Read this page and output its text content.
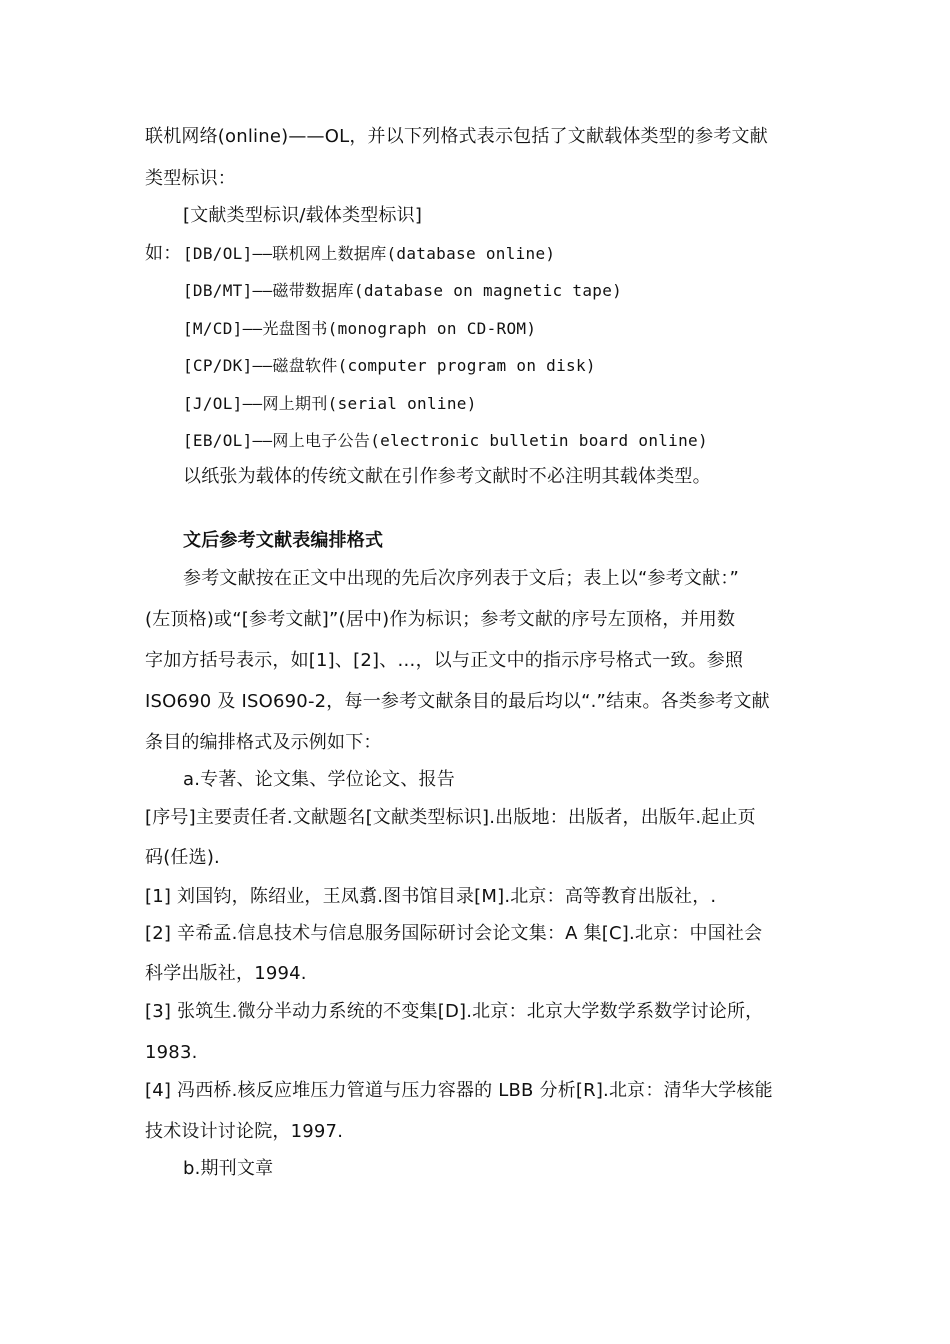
联机网络(online)——OL，并以下列格式表示包括了文献载体类型的参考文献
类型标识：
[文献类型标识/载体类型标识]
如： [DB/OL]——联机网上数据库(database online)
[DB/MT]——磁带数据库(database on magnetic tape)
[M/CD]——光盘图书(monograph on CD-ROM)
[CP/DK]——磁盘软件(computer program on disk)
[J/OL]——网上期刊(serial online)
[EB/OL]——网上电子公告(electronic bulletin board online)
以纸张为载体的传统文献在引作参考文献时不必注明其载体类型。
文后参考文献表编排格式
参考文献按在正文中出现的先后次序列表于文后；表上以“参考文献：”
(左顶格)或“[参考文献]”(居中)作为标识；参考文献的序号左顶格，并用数
字加方括号表示，如[1]、[2]、…，以与正文中的指示序号格式一致。参照
ISO690 及 ISO690-2，每一参考文献条目的最后均以“.”结束。各类参考文献
条目的编排格式及示例如下：
a.专著、论文集、学位论文、报告
[序号]主要责任者.文献题名[文献类型标识].出版地：出版者，出版年.起止页
码(任选).
[1] 刘国钧，陈绍业，王凤翥.图书馆目录[M].北京：高等教育出版社，.
[2] 辛希孟.信息技术与信息服务国际研讨会论文集：A 集[C].北京：中国社会
科学出版社，1994.
[3] 张筑生.微分半动力系统的不变集[D].北京：北京大学数学系数学讨论所，
1983.
[4] 冯西桥.核反应堆压力管道与压力容器的 LBB 分析[R].北京：清华大学核能
技术设计讨论院，1997.
b.期刊文章
